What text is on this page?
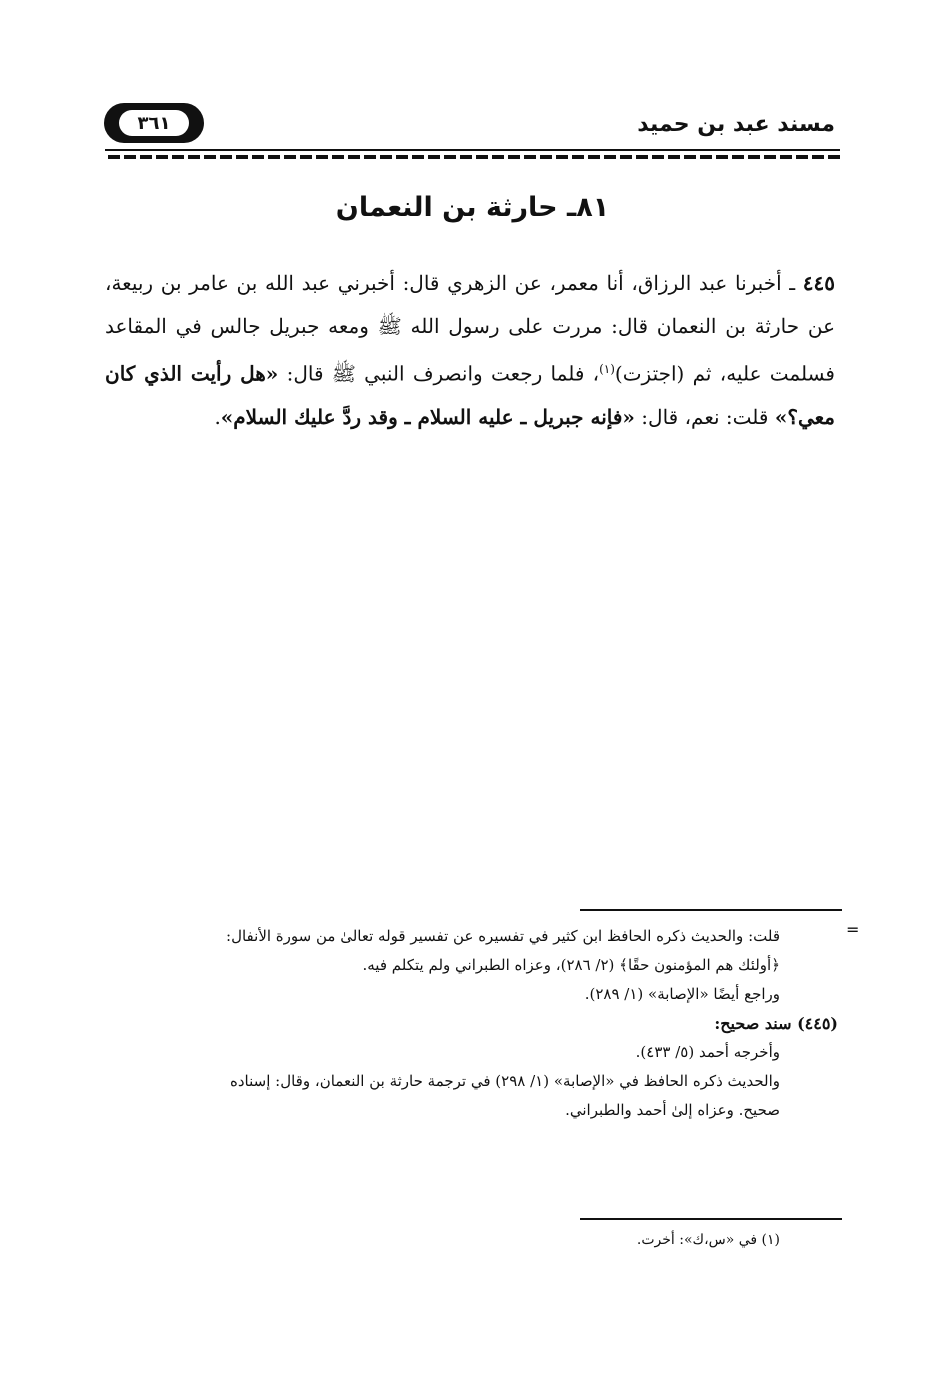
مسند عبد بن حميد
٣٦١
٨١ـ حارثة بن النعمان
٤٤٥ ـ أخبرنا عبد الرزاق، أنا معمر، عن الزهري قال: أخبرني عبد الله بن عامر بن ربيعة، عن حارثة بن النعمان قال: مررت على رسول الله ﷺ ومعه جبريل جالس في المقاعد فسلمت عليه، ثم (اجتزت)$^{(١)}$، فلما رجعت وانصرف النبي ﷺ قال: «هل رأيت الذي كان معي؟» قلت: نعم، قال: «فإنه جبريل ـ عليه السلام ـ وقد ردَّ عليك السلام».
=
قلت: والحديث ذكره الحافظ ابن كثير في تفسيره عن تفسير قوله تعالىٰ من سورة الأنفال:
﴿أولئك هم المؤمنون حقًا﴾ (٢/ ٢٨٦)، وعزاه الطبراني ولم يتكلم فيه.
وراجع أيضًا «الإصابة» (١/ ٢٨٩).
(٤٤٥) سند صحيح:
وأخرجه أحمد (٥/ ٤٣٣).
والحديث ذكره الحافظ في «الإصابة» (١/ ٢٩٨) في ترجمة حارثة بن النعمان، وقال: إسناده
صحيح. وعزاه إلىٰ أحمد والطبراني.
(١) في «س،ك»: أخرت.
